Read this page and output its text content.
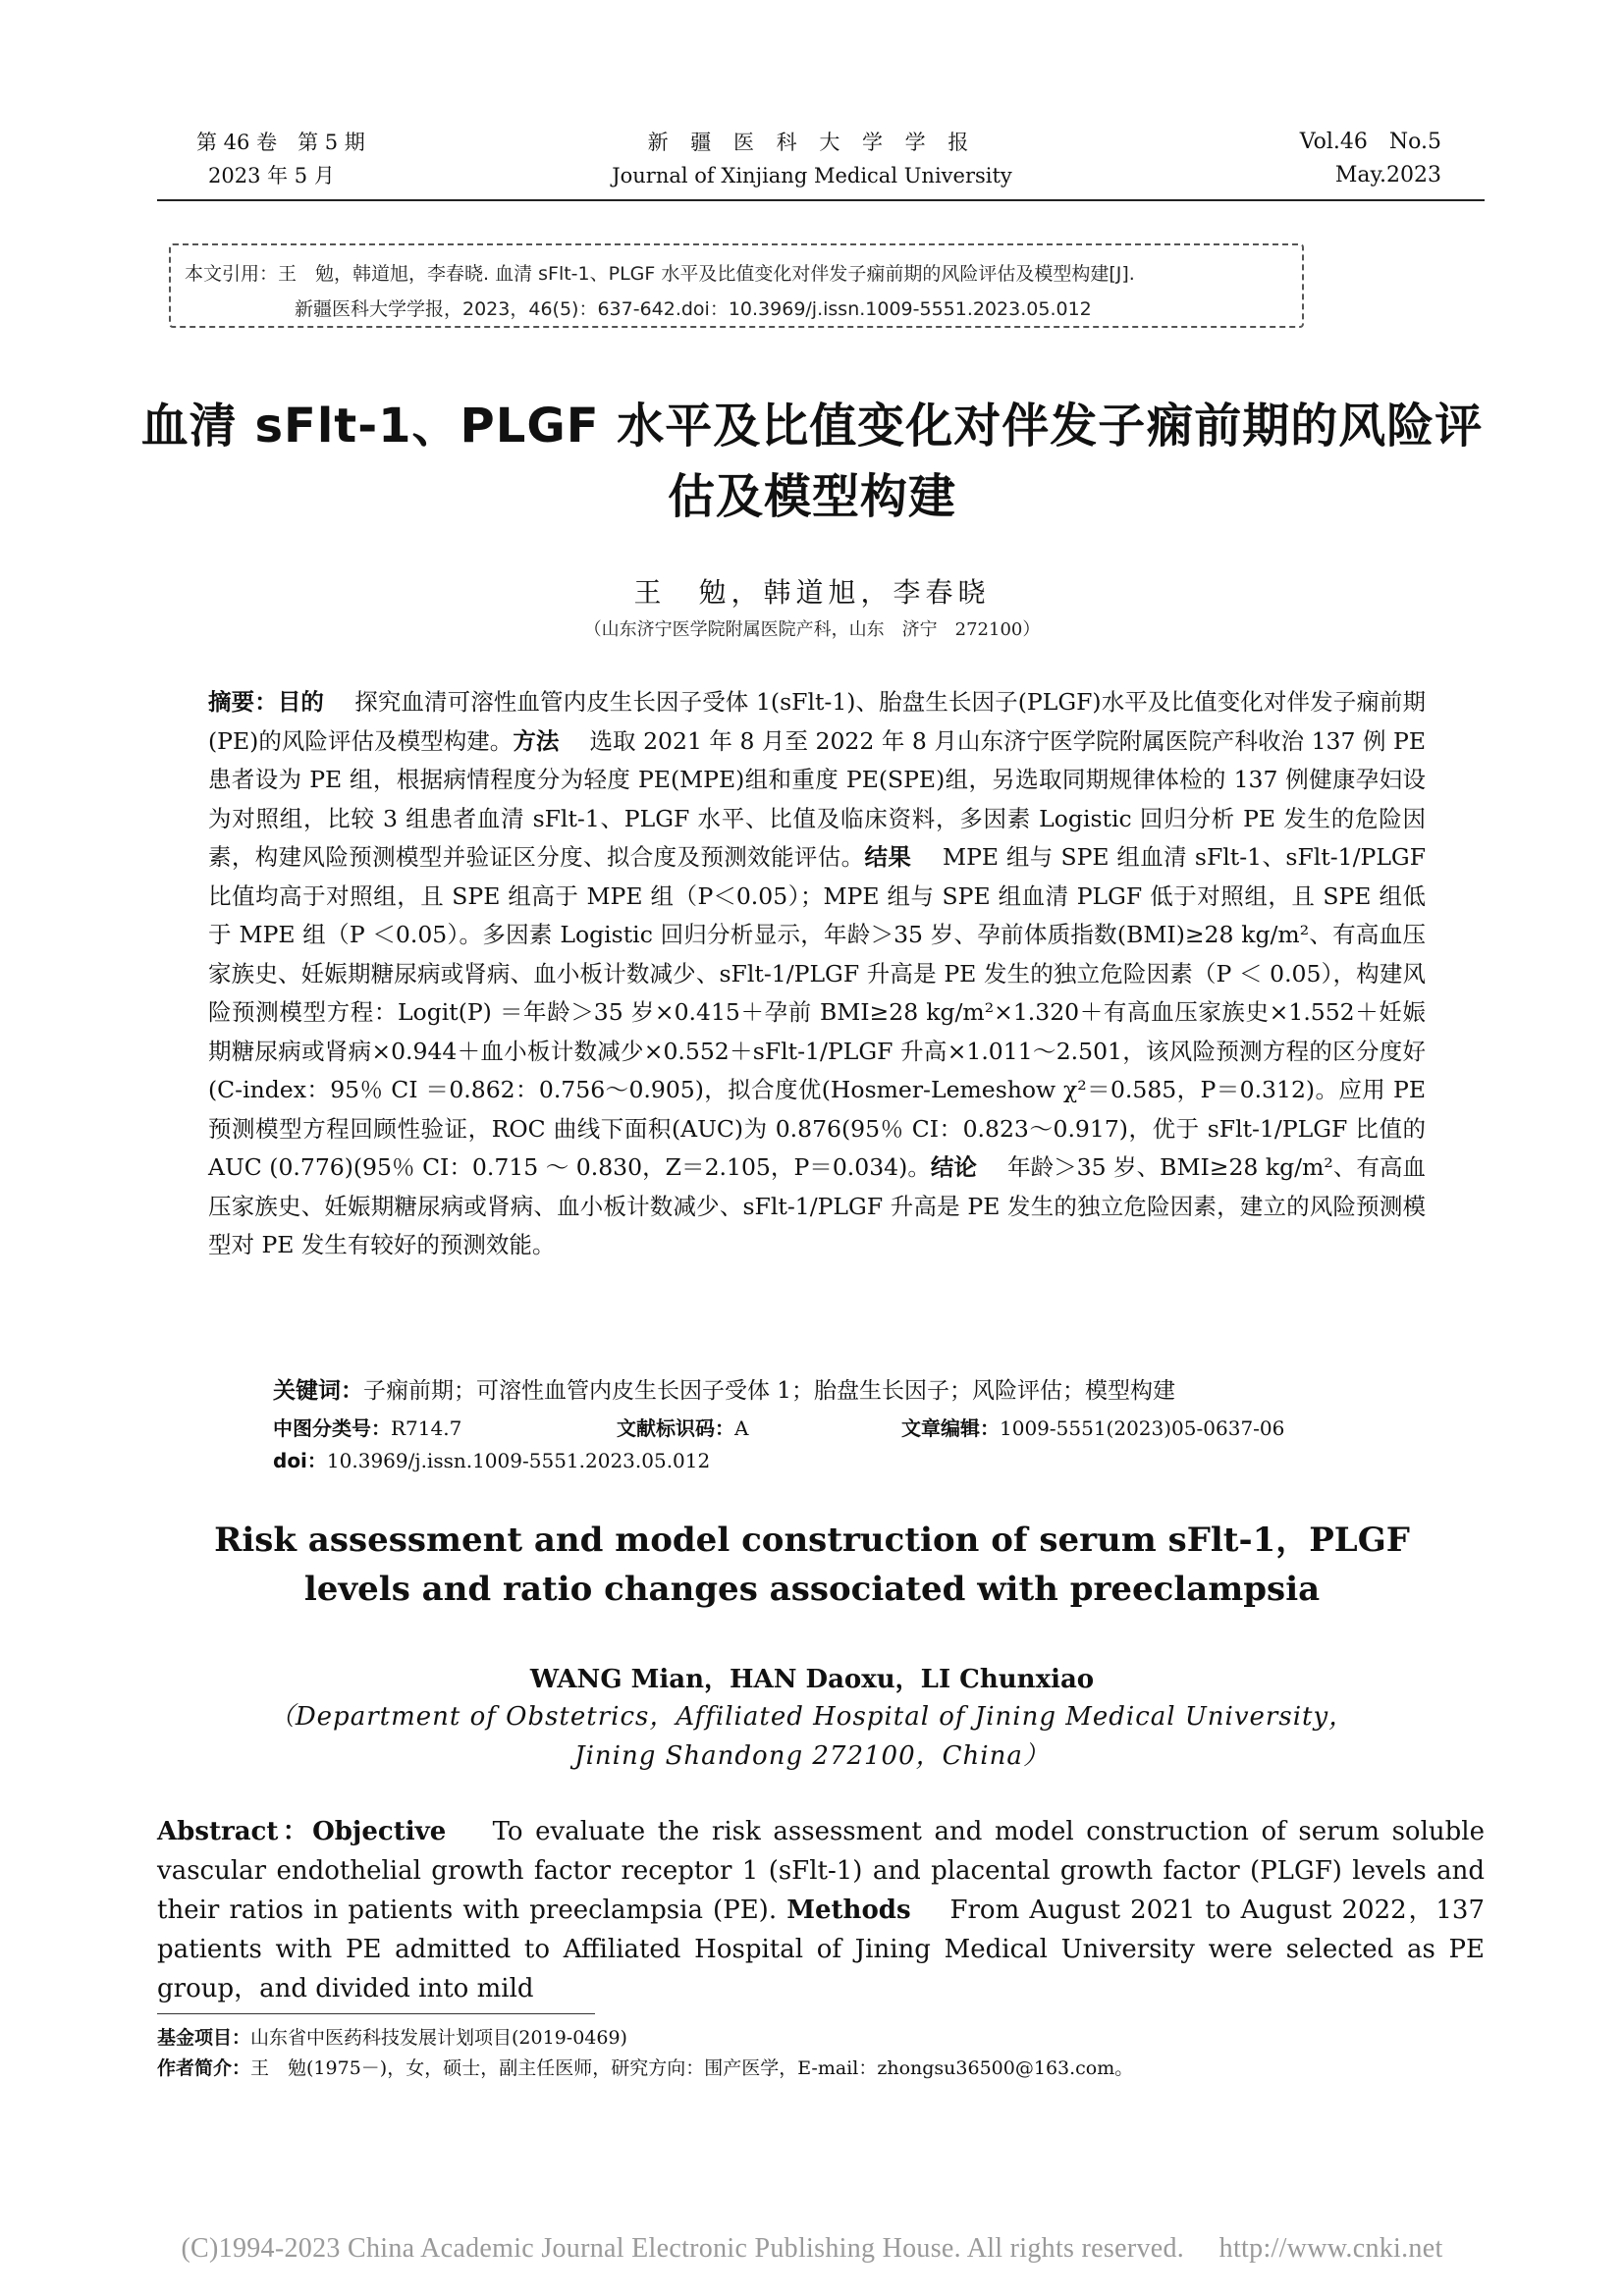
第 46 卷　第 5 期
2023 年 5 月
新 疆 医 科 大 学 学 报
Journal of Xinjiang Medical University
Vol.46　No.5
May.2023
本文引用：王　勉，韩道旭，李春晓. 血清 sFlt-1、PLGF 水平及比值变化对伴发子痫前期的风险评估及模型构建[J].
新疆医科大学学报，2023，46(5)：637-642.doi：10.3969/j.issn.1009-5551.2023.05.012
血清 sFlt-1、PLGF 水平及比值变化对伴发子痫前期的风险评估及模型构建
王　勉，韩道旭，李春晓
（山东济宁医学院附属医院产科，山东　济宁　272100）
摘要：目的　 探究血清可溶性血管内皮生长因子受体 1(sFlt-1)、胎盘生长因子(PLGF)水平及比值变化对伴发子痫前期(PE)的风险评估及模型构建。方法　 选取 2021 年 8 月至 2022 年 8 月山东济宁医学院附属医院产科收治 137 例 PE 患者设为 PE 组，根据病情程度分为轻度 PE(MPE)组和重度 PE(SPE)组，另选取同期规律体检的 137 例健康孕妇设为对照组，比较 3 组患者血清 sFlt-1、PLGF 水平、比值及临床资料，多因素 Logistic 回归分析 PE 发生的危险因素，构建风险预测模型并验证区分度、拟合度及预测效能评估。结果　 MPE 组与 SPE 组血清 sFlt-1、sFlt-1/PLGF 比值均高于对照组，且 SPE 组高于 MPE 组（P＜0.05）；MPE 组与 SPE 组血清 PLGF 低于对照组，且 SPE 组低于 MPE 组（P ＜0.05）。多因素 Logistic 回归分析显示，年龄＞35 岁、孕前体质指数(BMI)≥28 kg/m²、有高血压家族史、妊娠期糖尿病或肾病、血小板计数减少、sFlt-1/PLGF 升高是 PE 发生的独立危险因素（P ＜ 0.05），构建风险预测模型方程：Logit(P) ＝年龄＞35 岁×0.415＋孕前 BMI≥28 kg/m²×1.320＋有高血压家族史×1.552＋妊娠期糖尿病或肾病×0.944＋血小板计数减少×0.552＋sFlt-1/PLGF 升高×1.011～2.501，该风险预测方程的区分度好(C-index：95％ CI ＝0.862：0.756～0.905)，拟合度优(Hosmer-Lemeshow χ²＝0.585，P＝0.312)。应用 PE 预测模型方程回顾性验证，ROC 曲线下面积(AUC)为 0.876(95％ CI：0.823～0.917)，优于 sFlt-1/PLGF 比值的 AUC (0.776)(95％ CI：0.715 ～ 0.830，Z＝2.105，P＝0.034)。结论　 年龄＞35 岁、BMI≥28 kg/m²、有高血压家族史、妊娠期糖尿病或肾病、血小板计数减少、sFlt-1/PLGF 升高是 PE 发生的独立危险因素，建立的风险预测模型对 PE 发生有较好的预测效能。
关键词：子痫前期；可溶性血管内皮生长因子受体 1；胎盘生长因子；风险评估；模型构建
中图分类号：R714.7	文献标识码：A	文章编辑：1009-5551(2023)05-0637-06
doi：10.3969/j.issn.1009-5551.2023.05.012
Risk assessment and model construction of serum sFlt-1，PLGF
levels and ratio changes associated with preeclampsia
WANG Mian，HAN Daoxu，LI Chunxiao
（Department of Obstetrics，Affiliated Hospital of Jining Medical University，
Jining Shandong 272100，China）
Abstract：Objective　 To evaluate the risk assessment and model construction of serum soluble vascular endothelial growth factor receptor 1 (sFlt-1) and placental growth factor (PLGF) levels and their ratios in patients with preeclampsia (PE). Methods　 From August 2021 to August 2022，137 patients with PE admitted to Affiliated Hospital of Jining Medical University were selected as PE group，and divided into mild
基金项目：山东省中医药科技发展计划项目(2019-0469)
作者简介：王　勉(1975－)，女，硕士，副主任医师，研究方向：围产医学，E-mail：zhongsu36500@163.com。
(C)1994-2023 China Academic Journal Electronic Publishing House. All rights reserved.　 http://www.cnki.net
